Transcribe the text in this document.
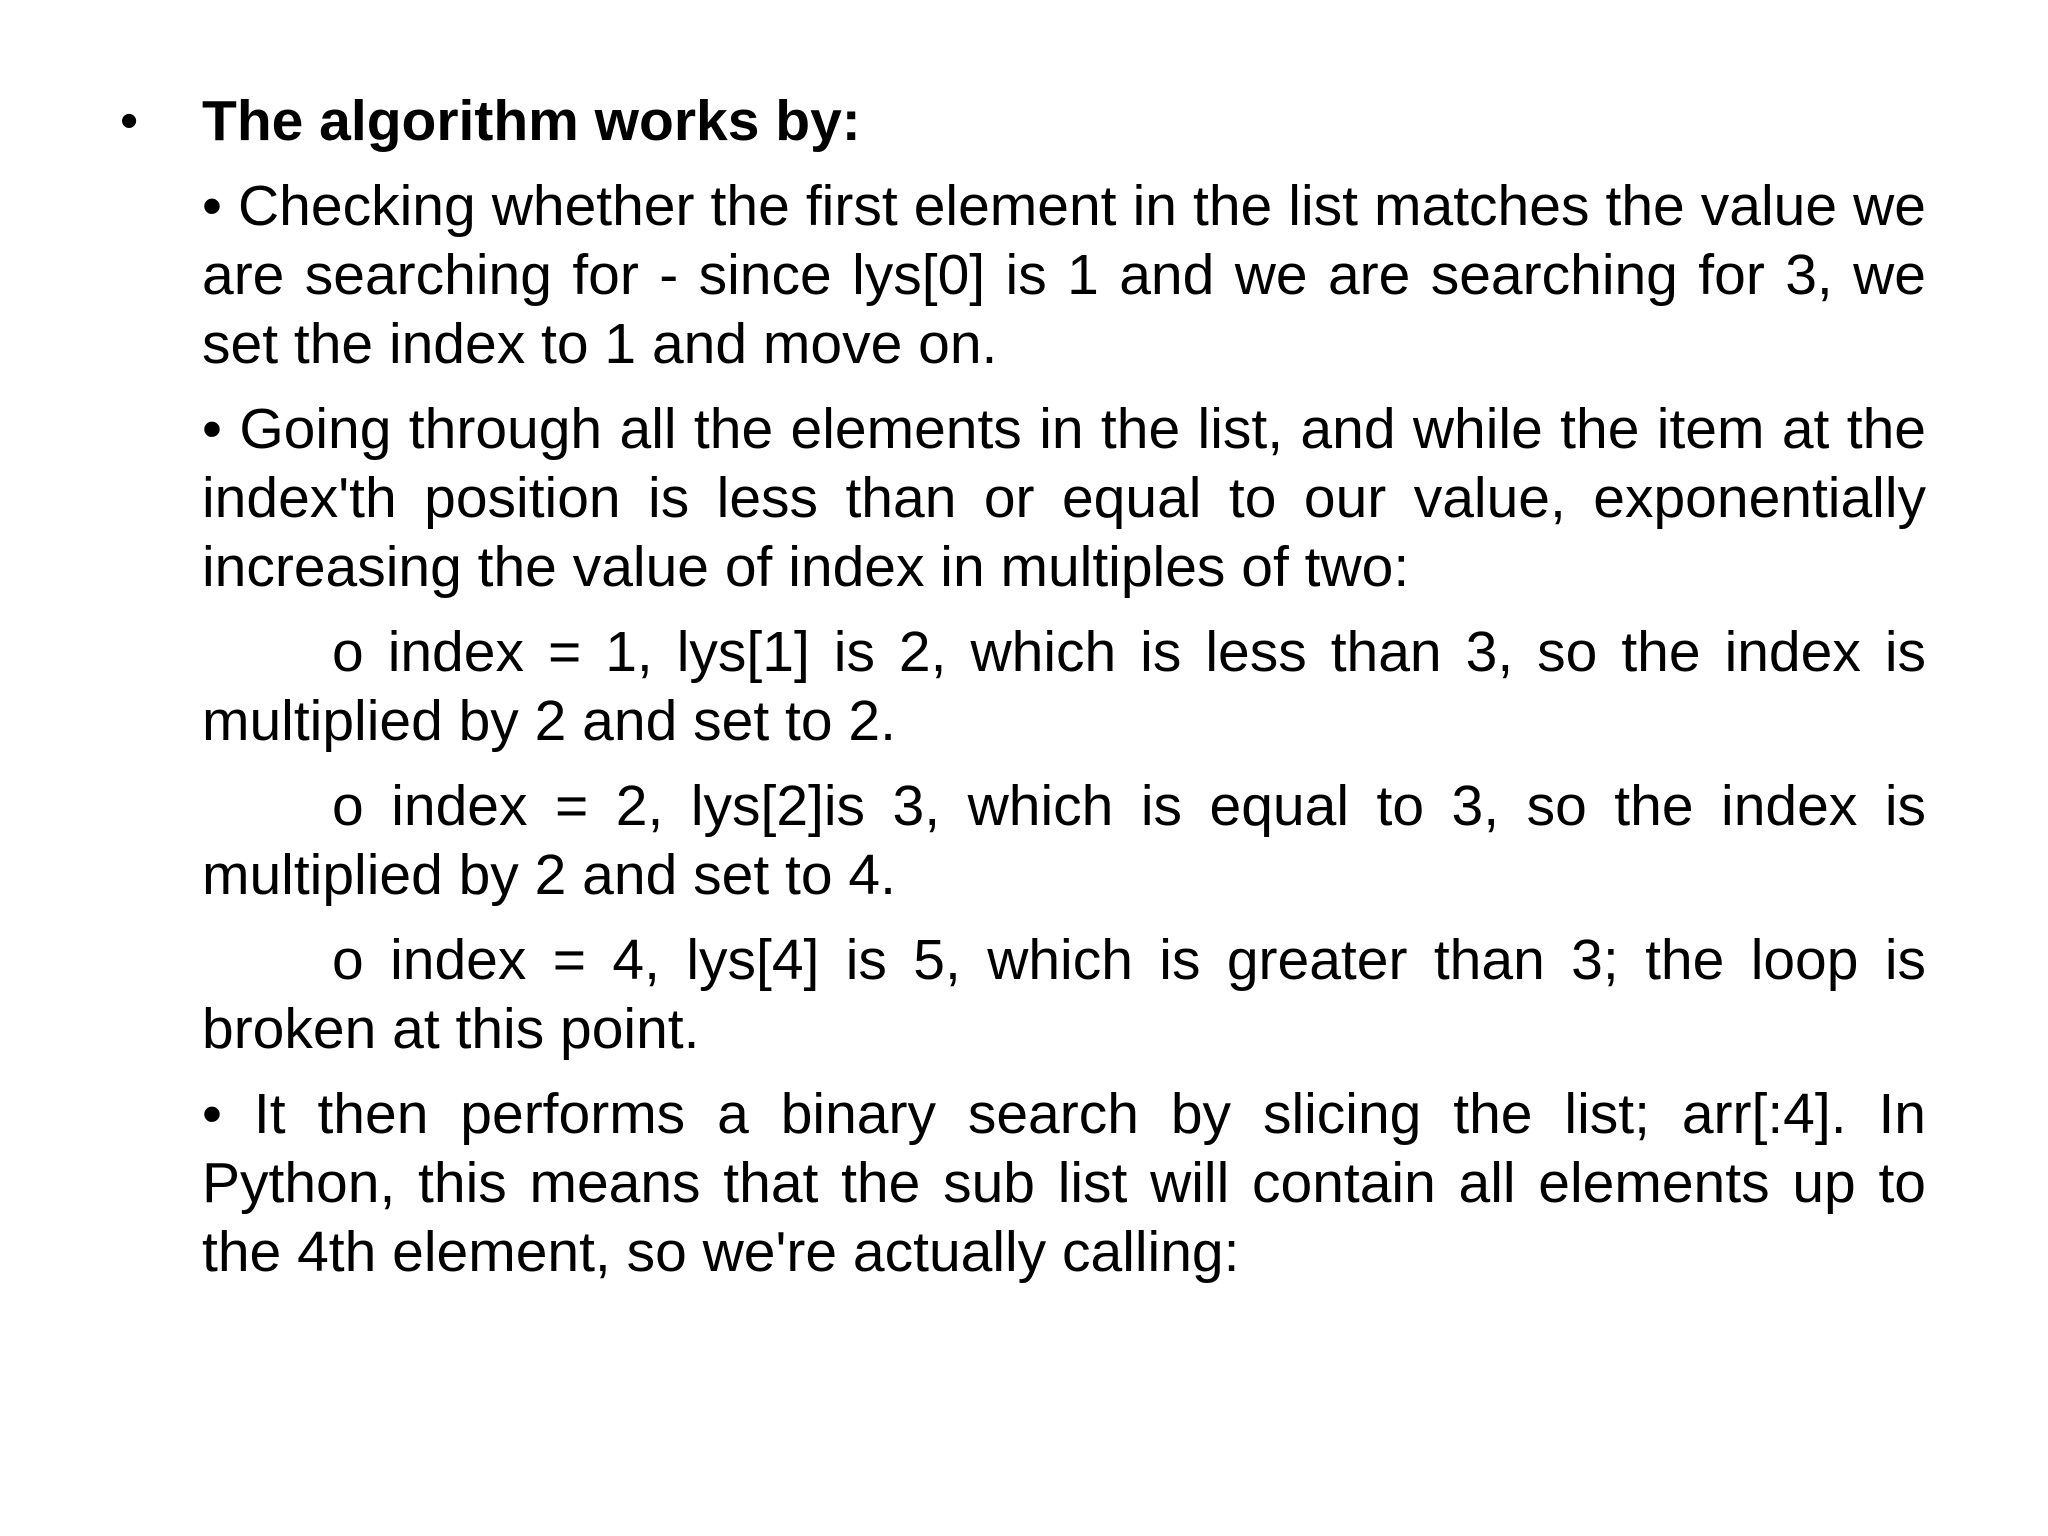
•	The algorithm works by:

• Checking whether the first element in the list matches the value we are searching for - since lys[0] is 1 and we are searching for 3, we set the index to 1 and move on.

• Going through all the elements in the list, and while the item at the index'th position is less than or equal to our value, exponentially increasing the value of index in multiples of two:

o index = 1, lys[1] is 2, which is less than 3, so the index is multiplied by 2 and set to 2.

o index = 2, lys[2]is 3, which is equal to 3, so the index is multiplied by 2 and set to 4.

o index = 4, lys[4] is 5, which is greater than 3; the loop is broken at this point.

• It then performs a binary search by slicing the list; arr[:4]. In Python, this means that the sub list will contain all elements up to the 4th element, so we're actually calling:
